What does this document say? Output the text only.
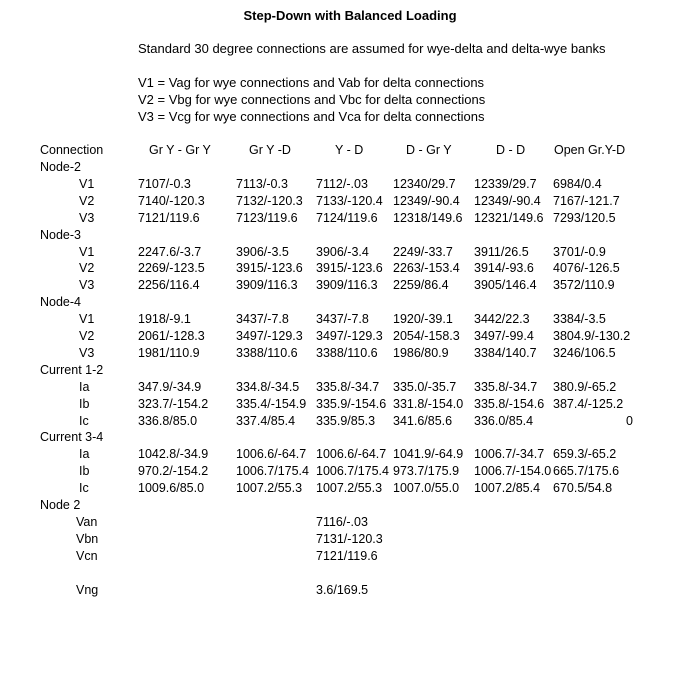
Step-Down with Balanced Loading
Standard 30 degree connections are assumed for wye-delta and delta-wye banks
V1 = Vag for wye connections and Vab for delta connections
V2 = Vbg for wye connections and Vbc for delta connections
V3 = Vcg for wye connections and Vca for delta connections
Connection	Gr Y - Gr Y	Gr Y -D	Y - D	D - Gr Y	D - D	Open Gr.Y-D
Node-2
V1	7107/-0.3	7113/-0.3	7112/-.03	12340/29.7	12339/29.7	6984/0.4
V2	7140/-120.3	7132/-120.3	7133/-120.4 12349/-90.4	12349/-90.4 7167/-121.7
V3	7121/119.6	7123/119.6	7124/119.6	12318/149.6 12321/149.6 7293/120.5
Node-3
V1	2247.6/-3.7	3906/-3.5	3906/-3.4	2249/-33.7	3911/26.5	3701/-0.9
V2	2269/-123.5	3915/-123.6	3915/-123.6 2263/-153.4	3914/-93.6	4076/-126.5
V3	2256/116.4	3909/116.3	3909/116.3	2259/86.4	3905/146.4	3572/110.9
Node-4
V1	1918/-9.1	3437/-7.8	3437/-7.8	1920/-39.1	3442/22.3	3384/-3.5
V2	2061/-128.3	3497/-129.3	3497/-129.3 2054/-158.3	3497/-99.4	3804.9/-130.2
V3	1981/110.9	3388/110.6	3388/110.6	1986/80.9	3384/140.7	3246/106.5
Current 1-2
Ia	347.9/-34.9	334.8/-34.5	335.8/-34.7	335.0/-35.7	335.8/-34.7	380.9/-65.2
Ib	323.7/-154.2	335.4/-154.9 335.9/-154.6 331.8/-154.0 335.8/-154.6 387.4/-125.2
Ic	336.8/85.0	337.4/85.4	335.9/85.3	341.6/85.6	336.0/85.4	0
Current 3-4
Ia	1042.8/-34.9	1006.6/-64.7 1006.6/-64.7 1041.9/-64.9 1006.7/-34.7 659.3/-65.2
Ib	970.2/-154.2	1006.7/175.4 1006.7/175.4 973.7/175.9	1006.7/-154.0 665.7/175.6
Ic	1009.6/85.0	1007.2/55.3	1007.2/55.3 1007.0/55.0	1007.2/85.4	670.5/54.8
Node 2
Van	7116/-.03
Vbn	7131/-120.3
Vcn	7121/119.6
Vng	3.6/169.5
